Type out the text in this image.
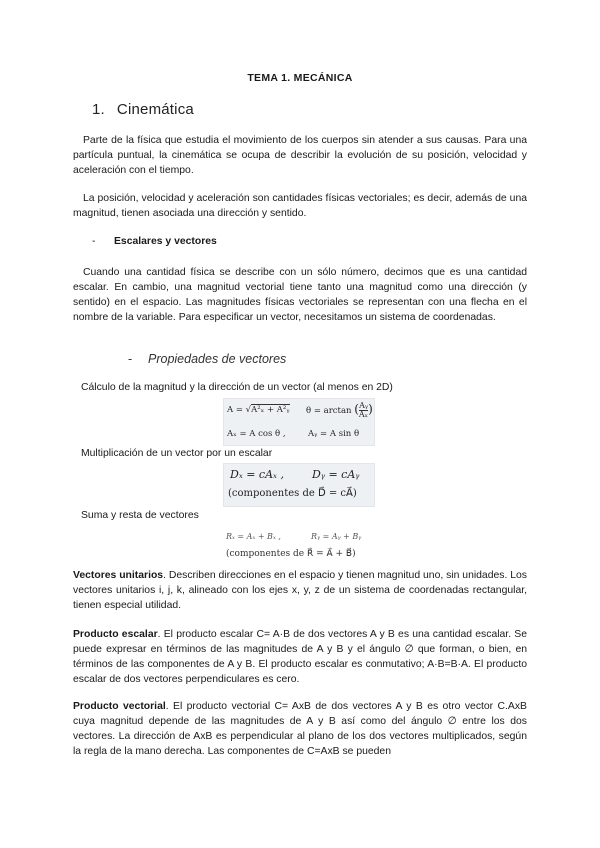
TEMA 1. MECÁNICA
1. Cinemática
Parte de la física que estudia el movimiento de los cuerpos sin atender a sus causas. Para una partícula puntual, la cinemática se ocupa de describir la evolución de su posición, velocidad y aceleración con el tiempo.
La posición, velocidad y aceleración son cantidades físicas vectoriales; es decir, además de una magnitud, tienen asociada una dirección y sentido.
- Escalares y vectores
Cuando una cantidad física se describe con un sólo número, decimos que es una cantidad escalar. En cambio, una magnitud vectorial tiene tanto una magnitud como una dirección (y sentido) en el espacio. Las magnitudes físicas vectoriales se representan con una flecha en el nombre de la variable. Para especificar un vector, necesitamos un sistema de coordenadas.
- Propiedades de vectores
Cálculo de la magnitud y la dirección de un vector (al menos en 2D)
A = √A²ₓ + A²ᵧ θ = arctan ( $\frac{\text{Aᵧ}}{\text{Aₓ}}$ )
Aₓ = A cos θ ,	Aᵧ = A sin θ
Multiplicación de un vector por un escalar
Dₓ = cAₓ ,	Dᵧ = cAᵧ
(componentes de D⃗ = cA⃗)
Suma y resta de vectores
Rₓ = Aₓ + Bₓ ,	Rᵧ = Aᵧ + Bᵧ
(componentes de R⃗ = A⃗ + B⃗)
Vectores unitarios. Describen direcciones en el espacio y tienen magnitud uno, sin unidades. Los vectores unitarios i, j, k, alineado con los ejes x, y, z de un sistema de coordenadas rectangular, tienen especial utilidad.
Producto escalar. El producto escalar C= A·B de dos vectores A y B es una cantidad escalar. Se puede expresar en términos de las magnitudes de A y B y el ángulo ∅ que forman, o bien, en términos de las componentes de A y B. El producto escalar es conmutativo; A·B=B·A. El producto escalar de dos vectores perpendiculares es cero.
Producto vectorial. El producto vectorial C= AxB de dos vectores A y B es otro vector C.AxB cuya magnitud depende de las magnitudes de A y B así como del ángulo ∅ entre los dos vectores. La dirección de AxB es perpendicular al plano de los dos vectores multiplicados, según la regla de la mano derecha. Las componentes de C=AxB se pueden
